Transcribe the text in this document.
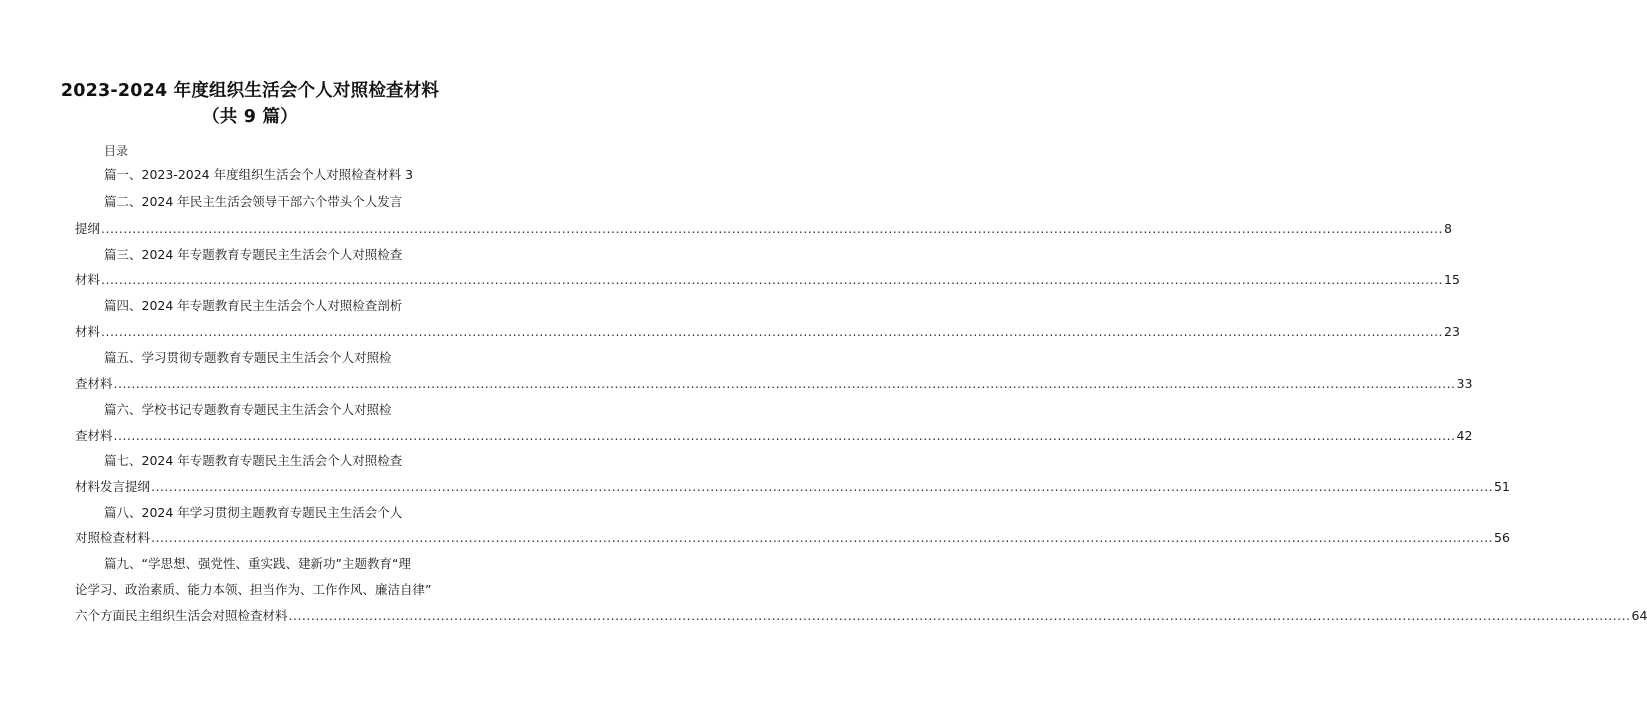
2023-2024 年度组织生活会个人对照检查材料
（共 9 篇）
目录
篇一、2023-2024 年度组织生活会个人对照检查材料 3
篇二、2024 年民主生活会领导干部六个带头个人发言
提纲 ............................................................................................................................................................................................................................................................................................................ 8
篇三、2024 年专题教育专题民主生活会个人对照检查
材料 ............................................................................................................................................................................................................................................................................................................ 15
篇四、2024 年专题教育民主生活会个人对照检查剖析
材料 ............................................................................................................................................................................................................................................................................................................ 23
篇五、学习贯彻专题教育专题民主生活会个人对照检
查材料 ............................................................................................................................................................................................................................................................................................................ 33
篇六、学校书记专题教育专题民主生活会个人对照检
查材料 ............................................................................................................................................................................................................................................................................................................ 42
篇七、2024 年专题教育专题民主生活会个人对照检查
材料发言提纲 ............................................................................................................................................................................................................................................................................................................ 51
篇八、2024 年学习贯彻主题教育专题民主生活会个人
对照检查材料 ............................................................................................................................................................................................................................................................................................................ 56
篇九、“学思想、强党性、重实践、建新功”主题教育“理
论学习、政治素质、能力本领、担当作为、工作作风、廉洁自律”
六个方面民主组织生活会对照检查材料 ............................................................................................................................................................................................................................................................................................................ 64
